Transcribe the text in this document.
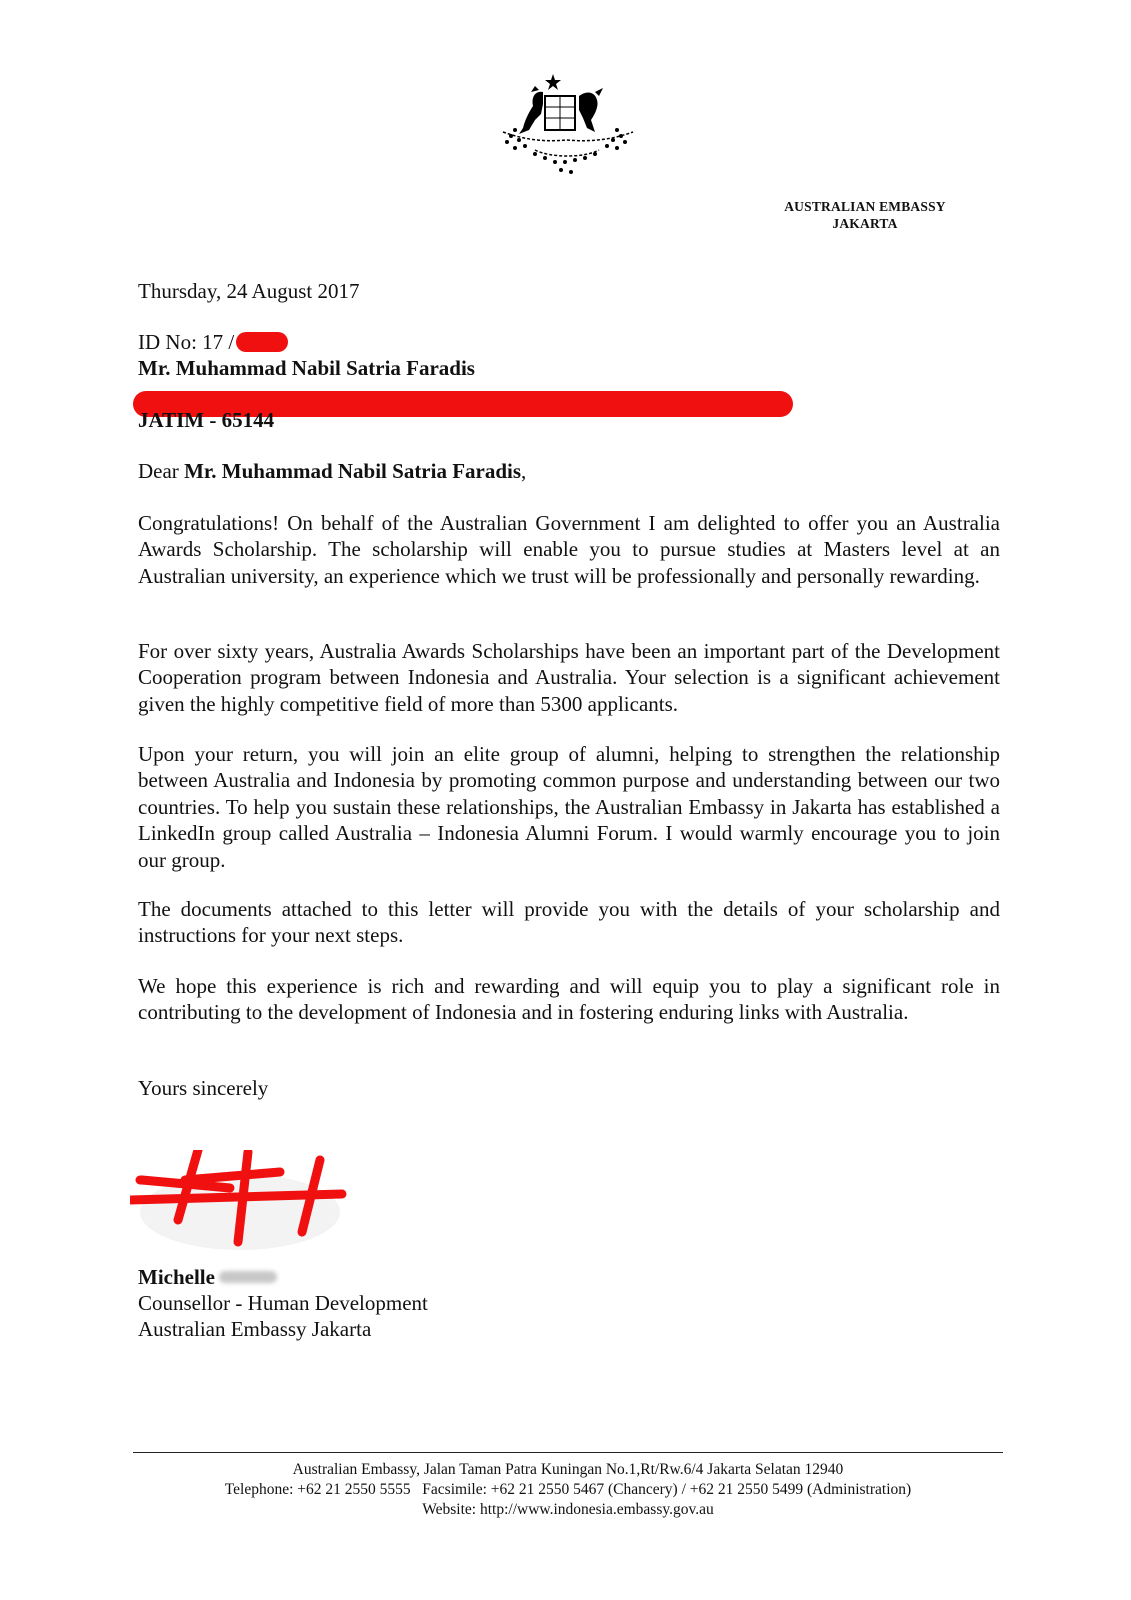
AUSTRALIAN EMBASSY
JAKARTA
Thursday, 24 August 2017
ID No: 17 /
Mr. Muhammad Nabil Satria Faradis
JATIM - 65144
Dear Mr. Muhammad Nabil Satria Faradis,
Congratulations! On behalf of the Australian Government I am delighted to offer you an Australia Awards Scholarship. The scholarship will enable you to pursue studies at Masters level at an Australian university, an experience which we trust will be professionally and personally rewarding.
For over sixty years, Australia Awards Scholarships have been an important part of the Development Cooperation program between Indonesia and Australia. Your selection is a significant achievement given the highly competitive field of more than 5300 applicants.
Upon your return, you will join an elite group of alumni, helping to strengthen the relationship between Australia and Indonesia by promoting common purpose and understanding between our two countries. To help you sustain these relationships, the Australian Embassy in Jakarta has established a LinkedIn group called Australia – Indonesia Alumni Forum. I would warmly encourage you to join our group.
The documents attached to this letter will provide you with the details of your scholarship and instructions for your next steps.
We hope this experience is rich and rewarding and will equip you to play a significant role in contributing to the development of Indonesia and in fostering enduring links with Australia.
Yours sincerely
Michelle
Counsellor - Human Development
Australian Embassy Jakarta
Australian Embassy, Jalan Taman Patra Kuningan No.1,Rt/Rw.6/4 Jakarta Selatan 12940
Telephone: +62 21 2550 5555   Facsimile: +62 21 2550 5467 (Chancery) / +62 21 2550 5499 (Administration)
Website: http://www.indonesia.embassy.gov.au
